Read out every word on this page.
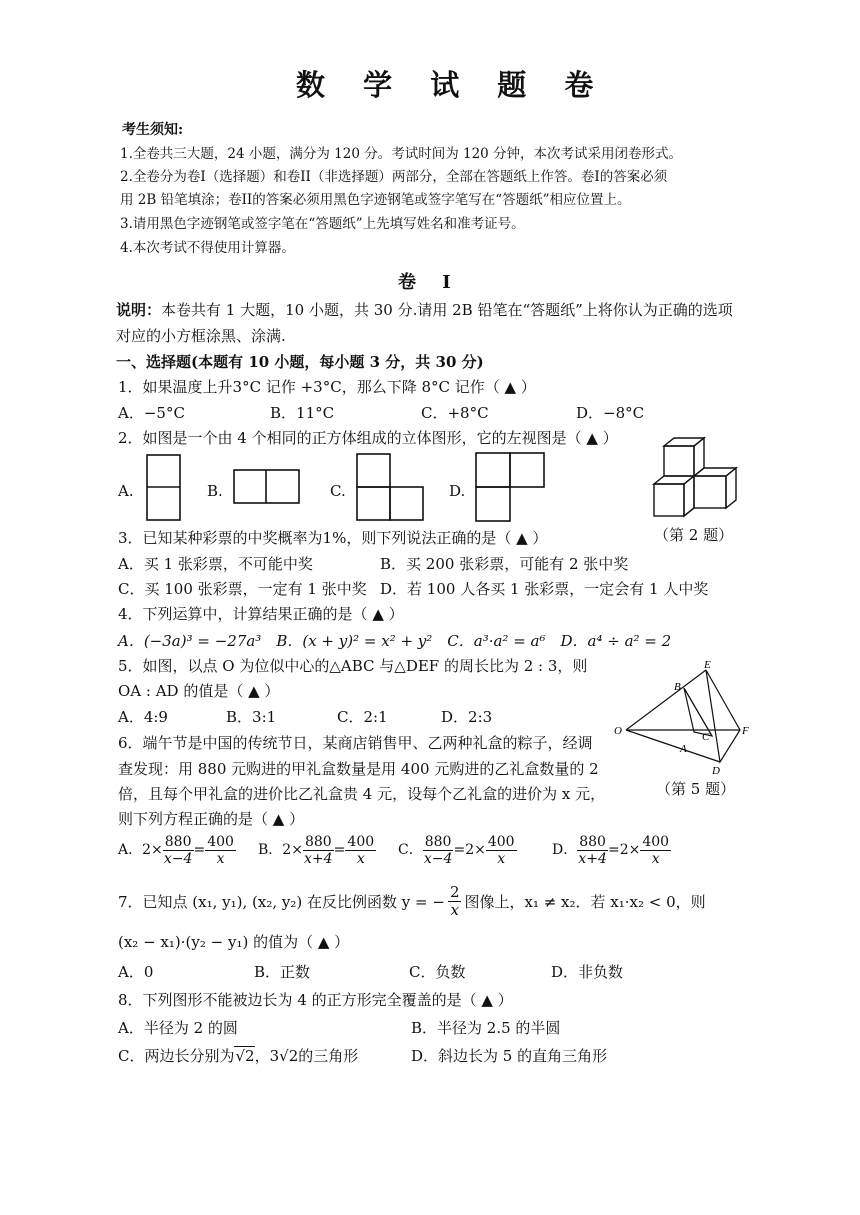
数 学 试 题 卷
考生须知:
1.全卷共三大题，24 小题，满分为 120 分。考试时间为 120 分钟，本次考试采用闭卷形式。
2.全卷分为卷I（选择题）和卷II（非选择题）两部分，全部在答题纸上作答。卷I的答案必须
用 2B 铅笔填涂；卷II的答案必须用黑色字迹钢笔或签字笔写在“答题纸”相应位置上。
3.请用黑色字迹钢笔或签字笔在“答题纸”上先填写姓名和准考证号。
4.本次考试不得使用计算器。
卷 I
说明：本卷共有 1 大题，10 小题，共 30 分.请用 2B 铅笔在“答题纸”上将你认为正确的选项
对应的小方框涂黑、涂满.
一、选择题(本题有 10 小题，每小题 3 分，共 30 分)
1．如果温度上升3°C 记作 +3°C，那么下降 8°C 记作（ ▲ ）
A．−5°C	B．11°C	C．+8°C	D．−8°C
2．如图是一个由 4 个相同的正方体组成的立体图形，它的左视图是（ ▲ ）
A.	B.	C.	D.
（第 2 题）
3．已知某种彩票的中奖概率为1%，则下列说法正确的是（ ▲ ）
A．买 1 张彩票，不可能中奖	B．买 200 张彩票，可能有 2 张中奖
C．买 100 张彩票，一定有 1 张中奖 D．若 100 人各买 1 张彩票，一定会有 1 人中奖
4．下列运算中，计算结果正确的是（ ▲ ）
A．(−3a)³ = −27a³　B．(x + y)² = x² + y²　C．a³·a² = a⁶　D．a⁴ ÷ a² = 2
5．如图，以点 O 为位似中心的△ABC 与△DEF 的周长比为 2 : 3，则
OA : AD 的值是（ ▲ ）
A．4:9	B．3:1	C．2:1	D．2:3
O
A
B
C
D
E
F
（第 5 题）
6．端午节是中国的传统节日，某商店销售甲、乙两种礼盒的粽子，经调
查发现：用 880 元购进的甲礼盒数量是用 400 元购进的乙礼盒数量的 2
倍，且每个甲礼盒的进价比乙礼盒贵 4 元，设每个乙礼盒的进价为 x 元，
则下列方程正确的是（ ▲ ）
A．$2\times \frac{880}{x-4} = \frac{400}{x}$ B．$2\times \frac{880}{x+4} = \frac{400}{x}$ C． $\frac{880}{x-4} =2\times \frac{400}{x}$	D． $\frac{880}{x+4} =2\times \frac{400}{x}$
7．已知点 (x₁, y₁), (x₂, y₂) 在反比例函数 y = − $\frac{2}{x}$ 图像上，x₁ ≠ x₂．若 x₁·x₂ < 0，则
(x₂ − x₁)·(y₂ − y₁) 的值为（ ▲ ）
A．0	B．正数	C．负数	D．非负数
8．下列图形不能被边长为 4 的正方形完全覆盖的是（ ▲ ）
A．半径为 2 的圆	B．半径为 2.5 的半圆
C．两边长分别为√2，3√2的三角形	D．斜边长为 5 的直角三角形
